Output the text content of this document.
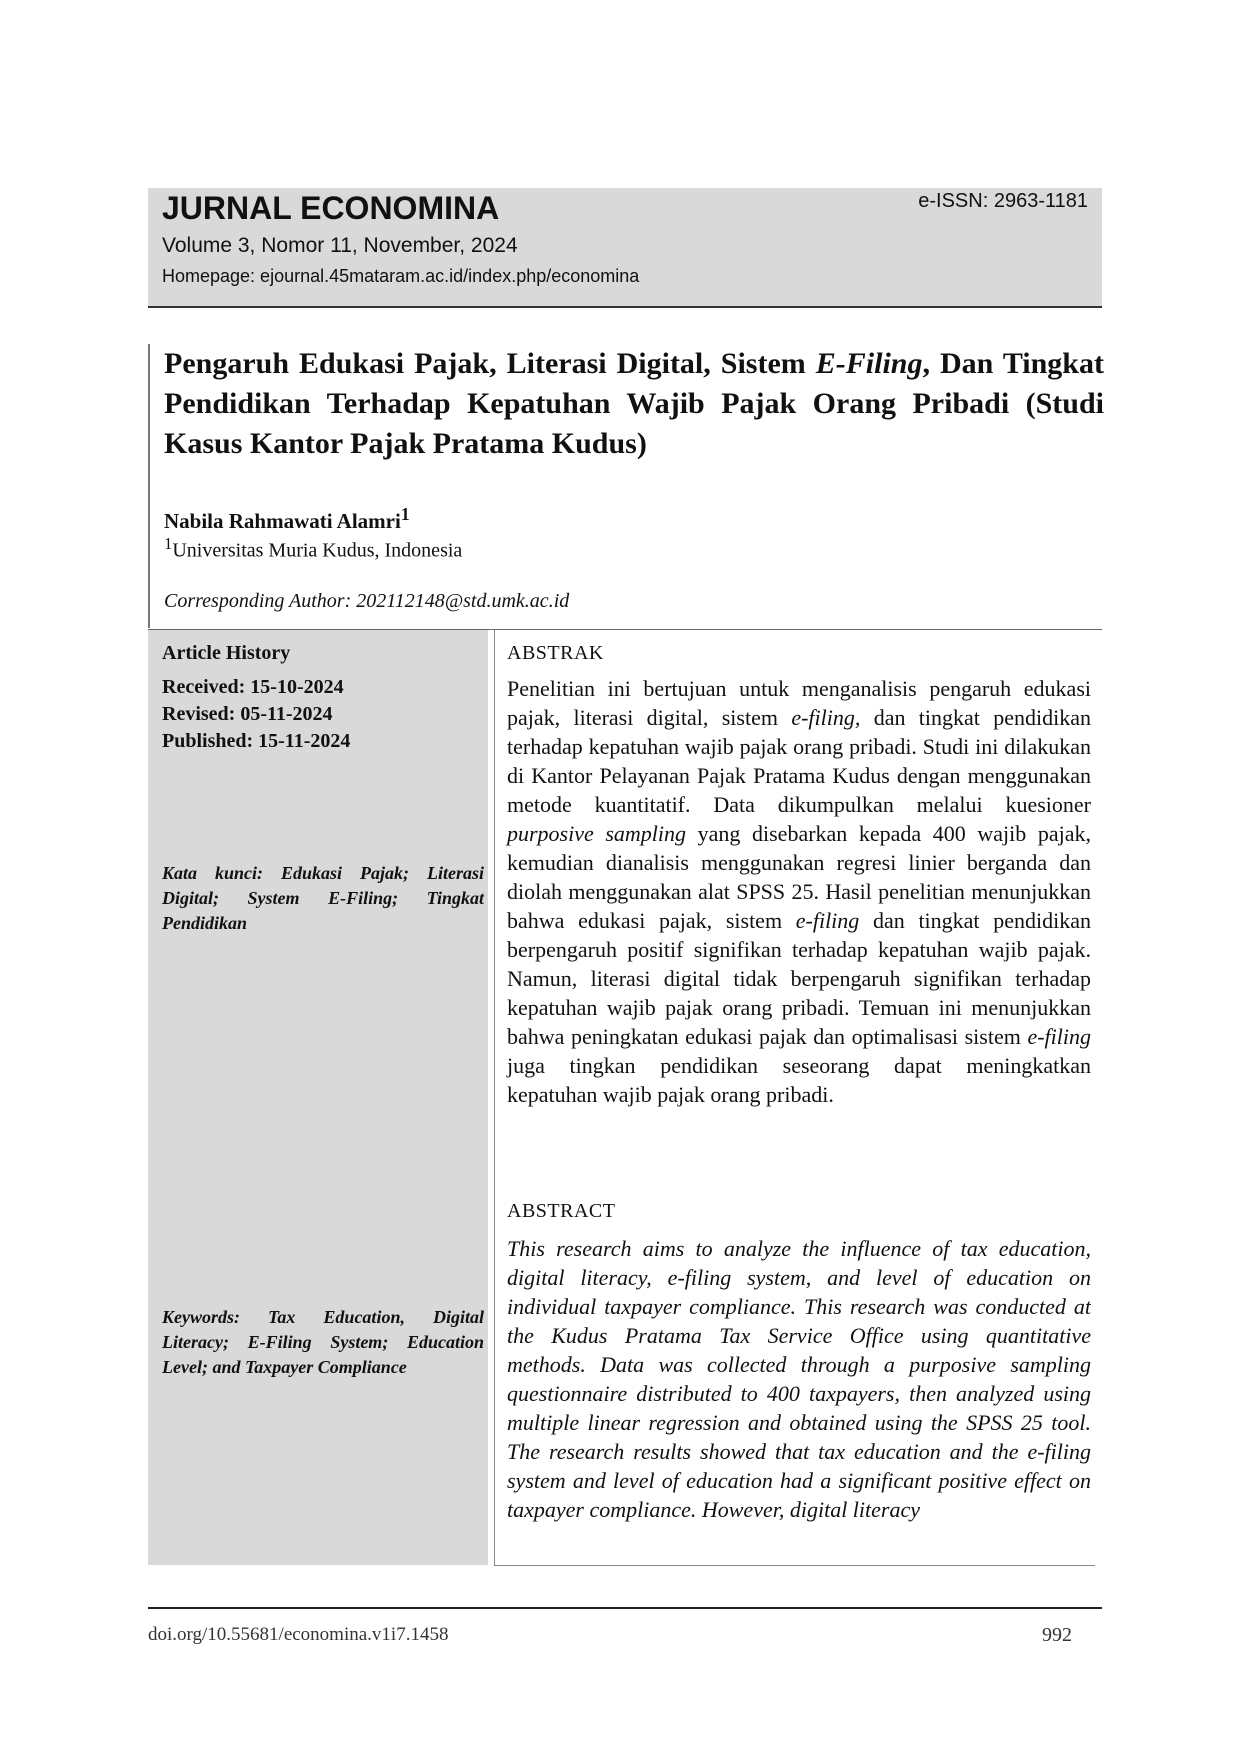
JURNAL ECONOMINA	e-ISSN: 2963-1181
Volume 3, Nomor 11, November, 2024
Homepage: ejournal.45mataram.ac.id/index.php/economina
Pengaruh Edukasi Pajak, Literasi Digital, Sistem E-Filing, Dan Tingkat Pendidikan Terhadap Kepatuhan Wajib Pajak Orang Pribadi (Studi Kasus Kantor Pajak Pratama Kudus)
Nabila Rahmawati Alamri$^1$
$^1$Universitas Muria Kudus, Indonesia
Corresponding Author: 202112148@std.umk.ac.id
Article History
Received: 15-10-2024
Revised: 05-11-2024
Published: 15-11-2024
Kata kunci: Edukasi Pajak; Literasi Digital; System E-Filing; Tingkat Pendidikan
Keywords: Tax Education, Digital Literacy; E-Filing System; Education Level; and Taxpayer Compliance
ABSTRAK
Penelitian ini bertujuan untuk menganalisis pengaruh edukasi pajak, literasi digital, sistem e-filing, dan tingkat pendidikan terhadap kepatuhan wajib pajak orang pribadi. Studi ini dilakukan di Kantor Pelayanan Pajak Pratama Kudus dengan menggunakan metode kuantitatif. Data dikumpulkan melalui kuesioner purposive sampling yang disebarkan kepada 400 wajib pajak, kemudian dianalisis menggunakan regresi linier berganda dan diolah menggunakan alat SPSS 25. Hasil penelitian menunjukkan bahwa edukasi pajak, sistem e-filing dan tingkat pendidikan berpengaruh positif signifikan terhadap kepatuhan wajib pajak. Namun, literasi digital tidak berpengaruh signifikan terhadap kepatuhan wajib pajak orang pribadi. Temuan ini menunjukkan bahwa peningkatan edukasi pajak dan optimalisasi sistem e-filing juga tingkan pendidikan seseorang dapat meningkatkan kepatuhan wajib pajak orang pribadi.
ABSTRACT
This research aims to analyze the influence of tax education, digital literacy, e-filing system, and level of education on individual taxpayer compliance. This research was conducted at the Kudus Pratama Tax Service Office using quantitative methods. Data was collected through a purposive sampling questionnaire distributed to 400 taxpayers, then analyzed using multiple linear regression and obtained using the SPSS 25 tool. The research results showed that tax education and the e-filing system and level of education had a significant positive effect on taxpayer compliance. However, digital literacy
doi.org/10.55681/economina.v1i7.1458	992
